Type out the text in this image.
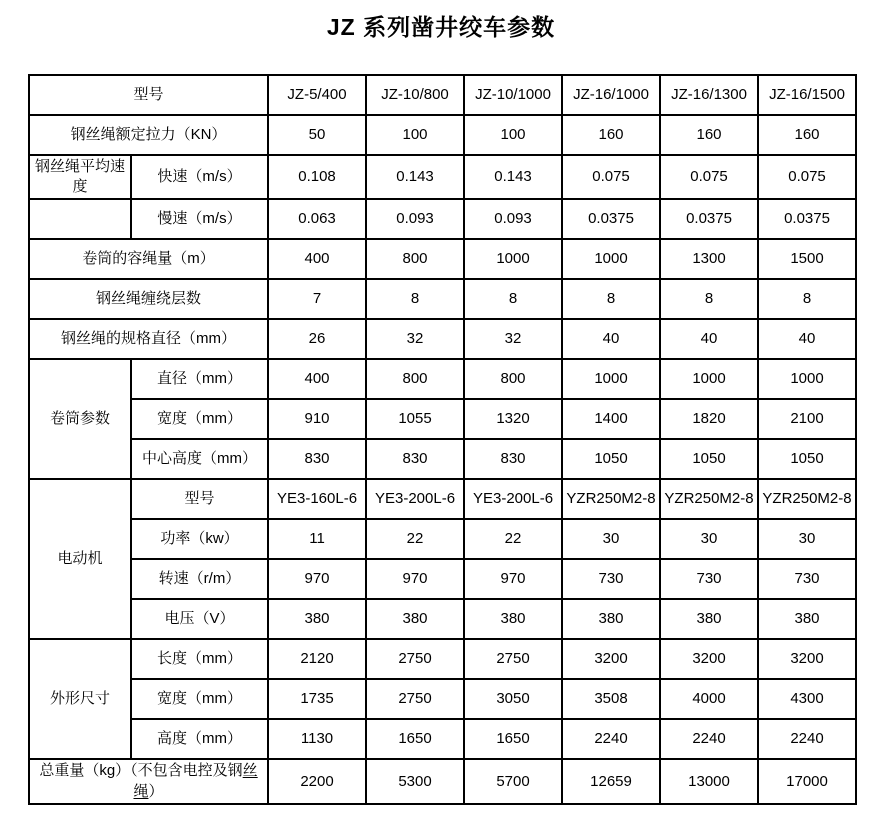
JZ 系列凿井绞车参数
型号		JZ-5/400	JZ-10/800	JZ-10/1000	JZ-16/1000	JZ-16/1300	JZ-16/1500
钢丝绳额定拉力（KN）		50	100	100	160	160	160
钢丝绳平均速度	快速（m/s）	0.108	0.143	0.143	0.075	0.075	0.075
	慢速（m/s）	0.063	0.093	0.093	0.0375	0.0375	0.0375
卷筒的容绳量（m）		400	800	1000	1000	1300	1500
钢丝绳缠绕层数		7	8	8	8	8	8
钢丝绳的规格直径（mm）		26	32	32	40	40	40
卷筒参数	直径（mm）	400	800	800	1000	1000	1000
	宽度（mm）	910	1055	1320	1400	1820	2100
	中心高度（mm）	830	830	830	1050	1050	1050
电动机	型号	YE3-160L-6	YE3-200L-6	YE3-200L-6	YZR250M2-8	YZR250M2-8	YZR250M2-8
	功率（kw）	11	22	22	30	30	30
	转速（r/m）	970	970	970	730	730	730
	电压（V）	380	380	380	380	380	380
外形尺寸	长度（mm）	2120	2750	2750	3200	3200	3200
	宽度（mm）	1735	2750	3050	3508	4000	4300
	高度（mm）	1130	1650	1650	2240	2240	2240
总重量（kg）（不包含电控及钢丝绳）		2200	5300	5700	12659	13000	17000
